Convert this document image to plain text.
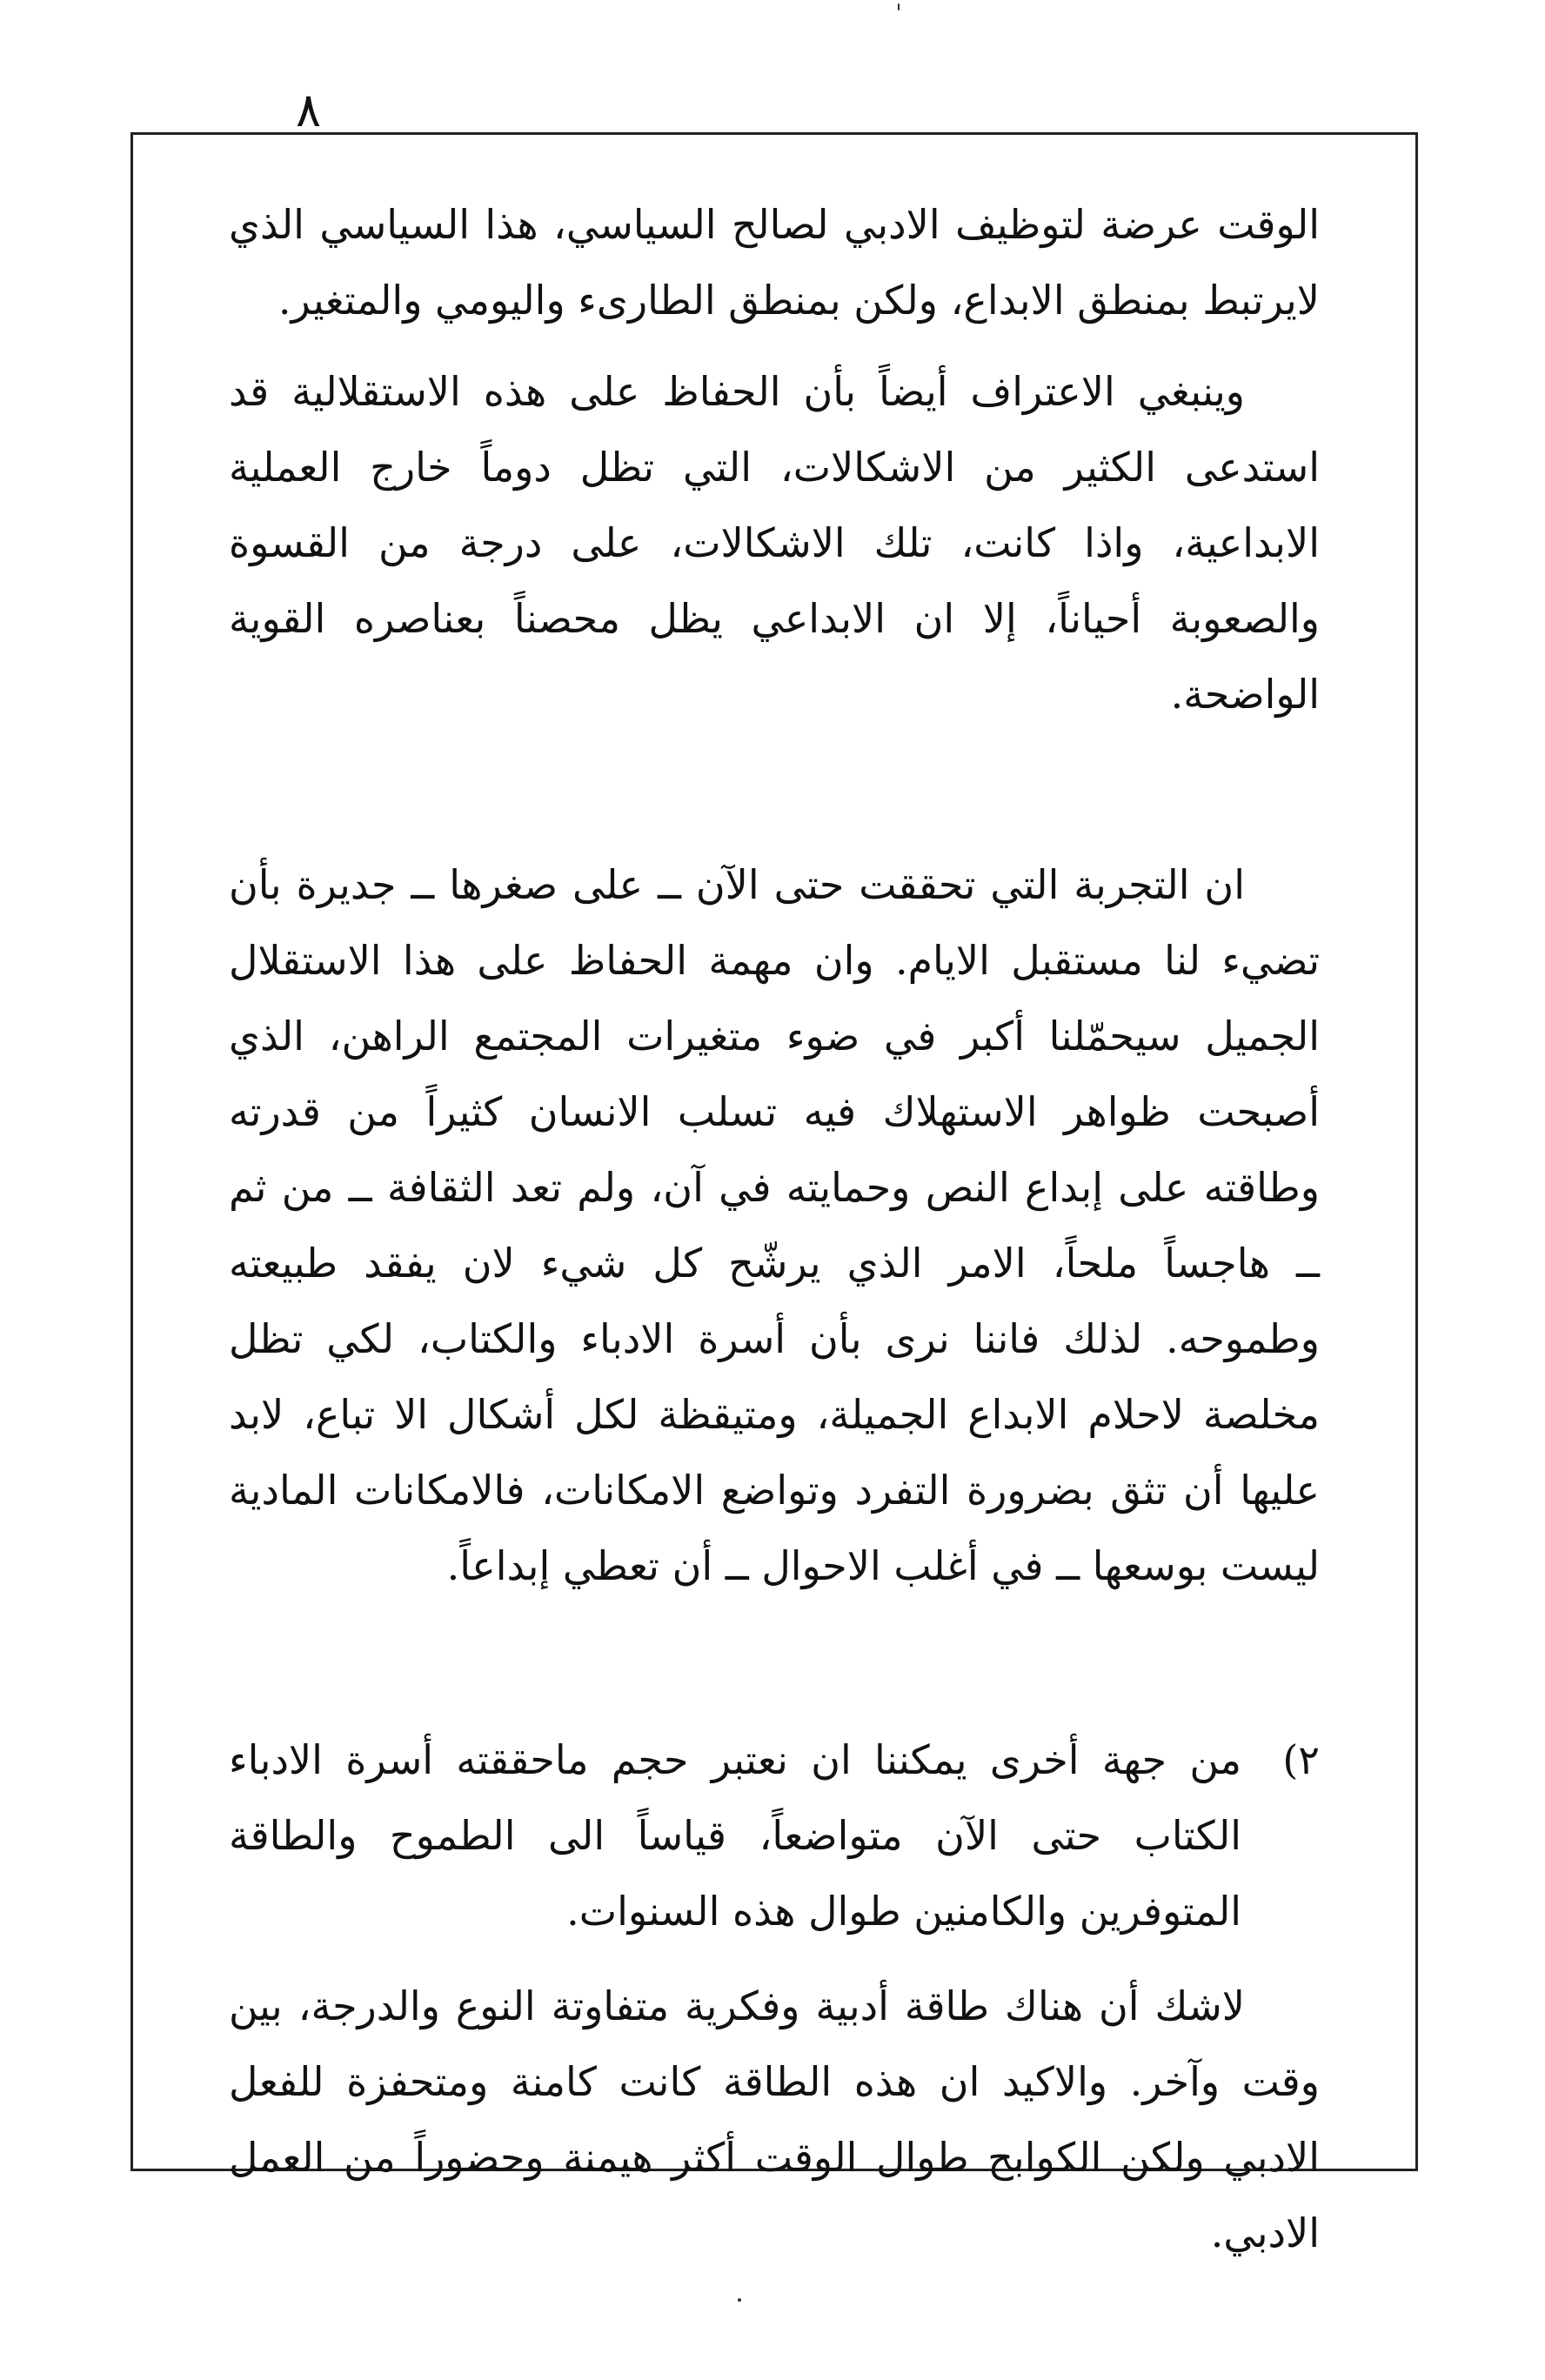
٨

الوقت عرضة لتوظيف الادبي لصالح السياسي، هذا السياسي الذي لايرتبط بمنطق الابداع، ولكن بمنطق الطارىء واليومي والمتغير.

وينبغي الاعتراف أيضاً بأن الحفاظ على هذه الاستقلالية قد استدعى الكثير من الاشكالات، التي تظل دوماً خارج العملية الابداعية، واذا كانت، تلك الاشكالات، على درجة من القسوة والصعوبة أحياناً، إلا ان الابداعي يظل محصناً بعناصره القوية الواضحة.

ان التجربة التي تحققت حتى الآن ــ على صغرها ــ جديرة بأن تضيء لنا مستقبل الايام. وان مهمة الحفاظ على هذا الاستقلال الجميل سيحمّلنا أكبر في ضوء متغيرات المجتمع الراهن، الذي أصبحت ظواهر الاستهلاك فيه تسلب الانسان كثيراً من قدرته وطاقته على إبداع النص وحمايته في آن، ولم تعد الثقافة ــ من ثم ــ هاجساً ملحاً، الامر الذي يرشّح كل شيء لان يفقد طبيعته وطموحه. لذلك فاننا نرى بأن أسرة الادباء والكتاب، لكي تظل مخلصة لاحلام الابداع الجميلة، ومتيقظة لكل أشكال الا تباع، لابد عليها أن تثق بضرورة التفرد وتواضع الامكانات، فالامكانات المادية ليست بوسعها ــ في أغلب الاحوال ــ أن تعطي إبداعاً.

٢)

من جهة أخرى يمكننا ان نعتبر حجم ماحققته أسرة الادباء الكتاب حتى الآن متواضعاً، قياساً الى الطموح والطاقة المتوفرين والكامنين طوال هذه السنوات.

لاشك أن هناك طاقة أدبية وفكرية متفاوتة النوع والدرجة، بين وقت وآخر. والاكيد ان هذه الطاقة كانت كامنة ومتحفزة للفعل الادبي ولكن الكوابح طوال الوقت أكثر هيمنة وحضوراً من العمل الادبي.
